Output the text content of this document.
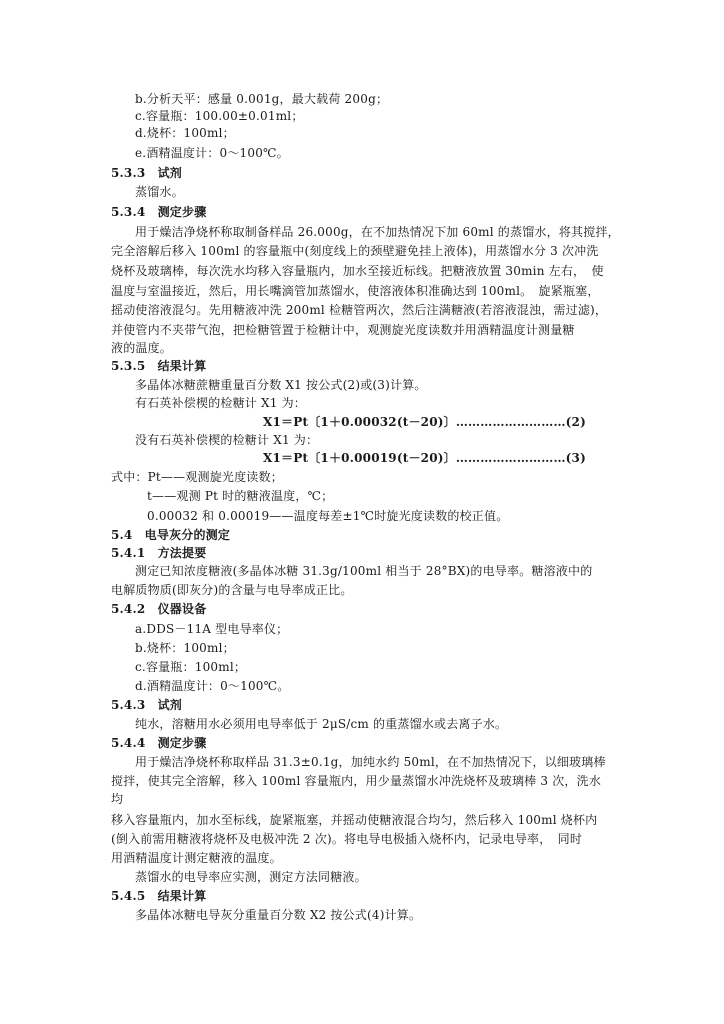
b.分析天平：感量 0.001g，最大载荷 200g；
c.容量瓶：100.00±0.01ml；
d.烧杯：100ml；
e.酒精温度计：0～100℃。
5.3.3　试剂
蒸馏水。
5.3.4　测定步骤
用于燥洁净烧杯称取制备样品 26.000g，在不加热情况下加 60ml 的蒸馏水，将其搅拌，
完全溶解后移入 100ml 的容量瓶中(刻度线上的颈壁避免挂上液体)，用蒸馏水分 3 次冲洗
烧杯及玻璃棒，每次洗水均移入容量瓶内，加水至接近标线。把糖液放置 30min 左右，　使
温度与室温接近，然后，用长嘴滴管加蒸馏水，使溶液体积准确达到 100ml。　旋紧瓶塞，
摇动使溶液混匀。先用糖液冲洗 200ml 检糖管两次，然后注满糖液(若溶液混浊，需过滤)，
并使管内不夹带气泡，把检糖管置于检糖计中，观测旋光度读数并用酒精温度计测量糖
液的温度。
5.3.5　结果计算
多晶体冰糖蔗糖重量百分数 X1 按公式(2)或(3)计算。
有石英补偿楔的检糖计 X1 为：
X1＝Pt〔1＋0.00032(t－20)〕………………………(2)
没有石英补偿楔的检糖计 X1 为：
X1＝Pt〔1＋0.00019(t－20)〕………………………(3)
式中：Pt——观测旋光度读数；
t——观测 Pt 时的糖液温度，℃；
0.00032 和 0.00019——温度每差±1℃时旋光度读数的校正值。
5.4　电导灰分的测定
5.4.1　方法提要
测定已知浓度糖液(多晶体冰糖 31.3g/100ml 相当于 28°BX)的电导率。糖溶液中的
电解质物质(即灰分)的含量与电导率成正比。
5.4.2　仪器设备
a.DDS－11A 型电导率仪；
b.烧杯：100ml；
c.容量瓶：100ml；
d.酒精温度计：0～100℃。
5.4.3　试剂
纯水，溶糖用水必须用电导率低于 2μS/cm 的重蒸馏水或去离子水。
5.4.4　测定步骤
用于燥洁净烧杯称取样品 31.3±0.1g，加纯水约 50ml，在不加热情况下，以细玻璃棒
搅拌，使其完全溶解，移入 100ml 容量瓶内，用少量蒸馏水冲洗烧杯及玻璃棒 3 次，洗水
均
移入容量瓶内，加水至标线，旋紧瓶塞，并摇动使糖液混合均匀，然后移入 100ml 烧杯内
(倒入前需用糖液将烧杯及电极冲洗 2 次)。将电导电极插入烧杯内，记录电导率，　同时
用酒精温度计测定糖液的温度。
蒸馏水的电导率应实测，测定方法同糖液。
5.4.5　结果计算
多晶体冰糖电导灰分重量百分数 X2 按公式(4)计算。
